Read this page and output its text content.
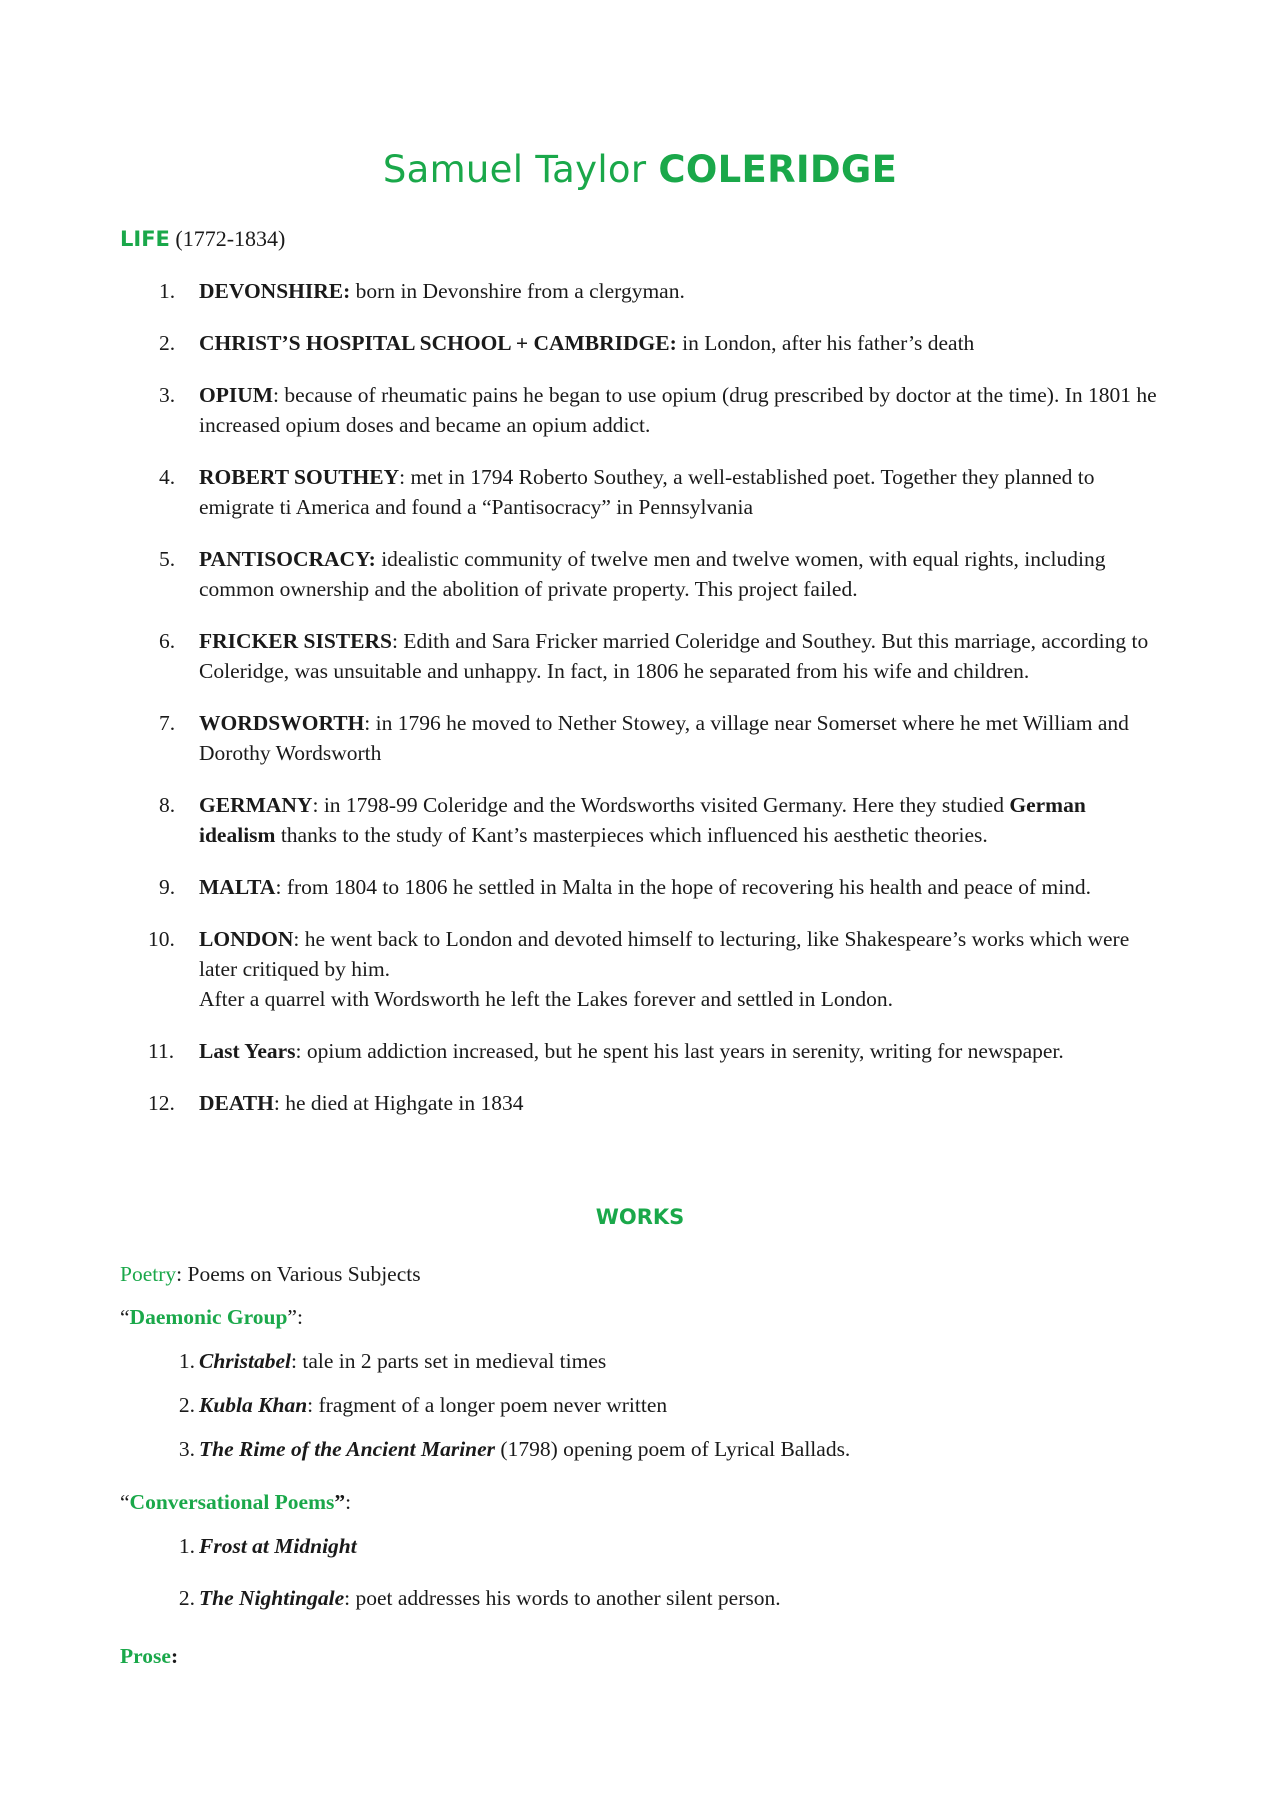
Samuel Taylor COLERIDGE

LIFE (1772-1834)

1.	DEVONSHIRE: born in Devonshire from a clergyman.
2.	CHRIST’S HOSPITAL SCHOOL + CAMBRIDGE: in London, after his father’s death
3.	OPIUM: because of rheumatic pains he began to use opium (drug prescribed by doctor at the time). In 1801 he increased opium doses and became an opium addict.
4.	ROBERT SOUTHEY: met in 1794 Roberto Southey, a well-established poet. Together they planned to emigrate ti America and found a “Pantisocracy” in Pennsylvania
5.	PANTISOCRACY: idealistic community of twelve men and twelve women, with equal rights, including common ownership and the abolition of private property. This project failed.
6.	FRICKER SISTERS: Edith and Sara Fricker married Coleridge and Southey. But this marriage, according to Coleridge, was unsuitable and unhappy. In fact, in 1806 he separated from his wife and children.
7.	WORDSWORTH: in 1796 he moved to Nether Stowey, a village near Somerset where he met William and Dorothy Wordsworth
8.	GERMANY: in 1798-99 Coleridge and the Wordsworths visited Germany. Here they studied German idealism thanks to the study of Kant’s masterpieces which influenced his aesthetic theories.
9.	MALTA: from 1804 to 1806 he settled in Malta in the hope of recovering his health and peace of mind.
10.	LONDON: he went back to London and devoted himself to lecturing, like Shakespeare’s works which were later critiqued by him.
After a quarrel with Wordsworth he left the Lakes forever and settled in London.
11.	Last Years: opium addiction increased, but he spent his last years in serenity, writing for newspaper.
12.	DEATH: he died at Highgate in 1834
WORKS

Poetry: Poems on Various Subjects

“Daemonic Group”:

1. Christabel: tale in 2 parts set in medieval times
2. Kubla Khan: fragment of a longer poem never written
3. The Rime of the Ancient Mariner (1798) opening poem of Lyrical Ballads.

“Conversational Poems”:

1. Frost at Midnight
2. The Nightingale: poet addresses his words to another silent person.

Prose:
